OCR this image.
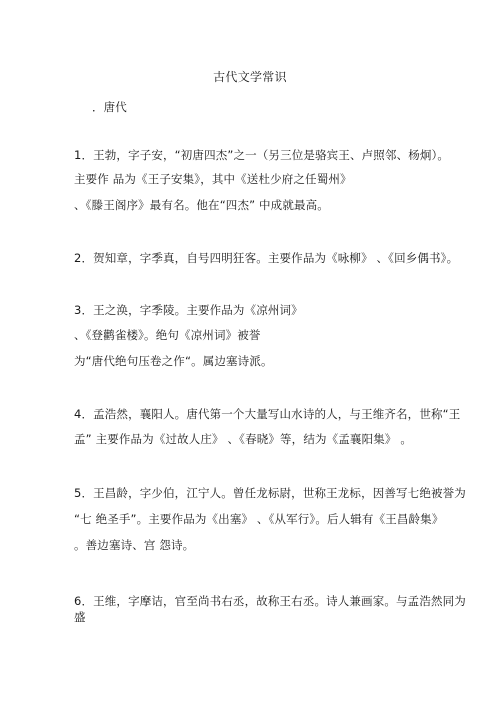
古代文学常识
．唐代
1．王勃，字子安，“初唐四杰”之一（另三位是骆宾王、卢照邻、杨炯）。
主要作 品为《王子安集》，其中《送杜少府之任蜀州》
、《滕王阁序》最有名。他在“四杰” 中成就最高。
2．贺知章，字季真，自号四明狂客。主要作品为《咏柳》 、《回乡偶书》。
3．王之涣，字季陵。主要作品为《凉州词》
、《登鹳雀楼》。绝句《凉州词》被誉
为“唐代绝句压卷之作“。属边塞诗派。
4．孟浩然，襄阳人。唐代第一个大量写山水诗的人，与王维齐名，世称“王
孟” 主要作品为《过故人庄》 、《春晓》等，结为《孟襄阳集》 。
5．王昌龄，字少伯，江宁人。曾任龙标尉，世称王龙标，因善写七绝被誉为
“七 绝圣手”。主要作品为《出塞》 、《从军行》。后人辑有《王昌龄集》
。善边塞诗、宫 怨诗。
6．王维，字摩诘，官至尚书右丞，故称王右丞。诗人兼画家。与孟浩然同为
盛
